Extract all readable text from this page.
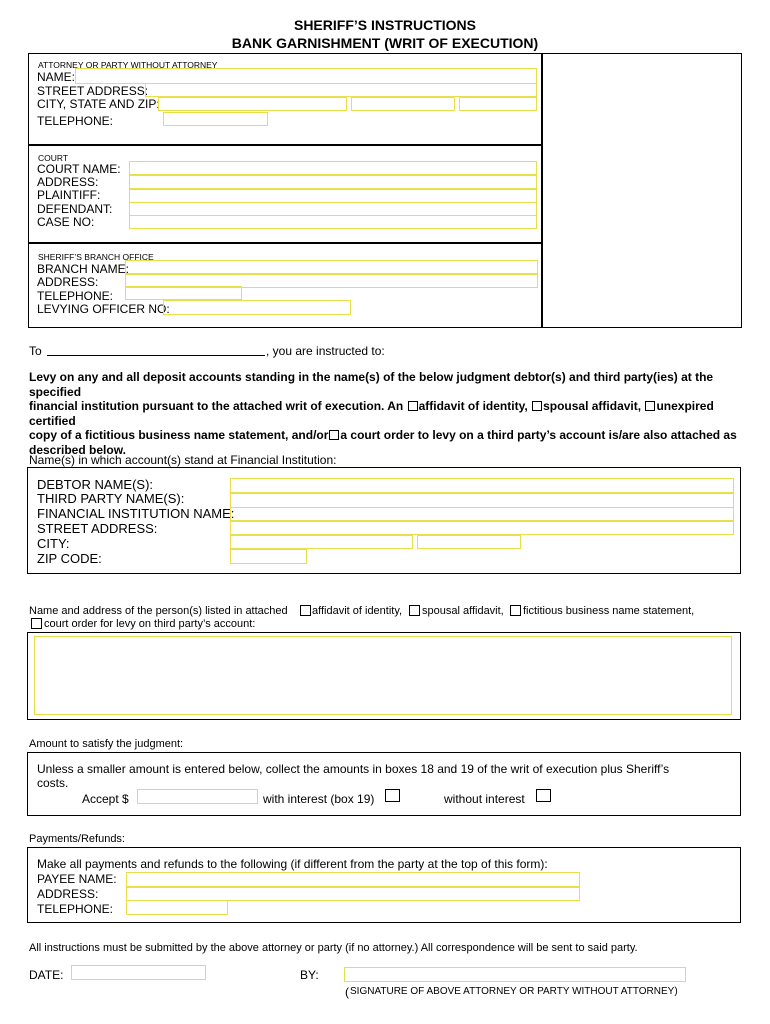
SHERIFF’S INSTRUCTIONS
BANK GARNISHMENT (WRIT OF EXECUTION)
ATTORNEY OR PARTY WITHOUT ATTORNEY
NAME:
STREET ADDRESS:
CITY, STATE AND ZIP:
TELEPHONE:
COURT
COURT NAME:
ADDRESS:
PLAINTIFF:
DEFENDANT:
CASE NO:
SHERIFF’S BRANCH OFFICE
BRANCH NAME:
ADDRESS:
TELEPHONE:
LEVYING OFFICER NO:
To	, you are instructed to:
Levy on any and all deposit accounts standing in the name(s) of the below judgment debtor(s) and third party(ies) at the specified
financial institution pursuant to the attached writ of execution. An affidavit of identity, spousal affidavit, unexpired certified
copy of a fictitious business name statement, and/or a court order to levy on a third party’s account is/are also attached as
described below.
Name(s) in which account(s) stand at Financial Institution:
DEBTOR NAME(S):
THIRD PARTY NAME(S):
FINANCIAL INSTITUTION NAME:
STREET ADDRESS:
CITY:
ZIP CODE:
Name and address of the person(s) listed in attached affidavit of identity, spousal affidavit, fictitious business name statement,
court order for levy on third party’s account:
Amount to satisfy the judgment:
Unless a smaller amount is entered below, collect the amounts in boxes 18 and 19 of the writ of execution plus Sheriff’s
costs.
Accept $	with interest (box 19)	without interest
Payments/Refunds:
Make all payments and refunds to the following (if different from the party at the top of this form):
PAYEE NAME:
ADDRESS:
TELEPHONE:
All instructions must be submitted by the above attorney or party (if no attorney.) All correspondence will be sent to said party.
DATE:	BY:
( SIGNATURE OF ABOVE ATTORNEY OR PARTY WITHOUT ATTORNEY)
